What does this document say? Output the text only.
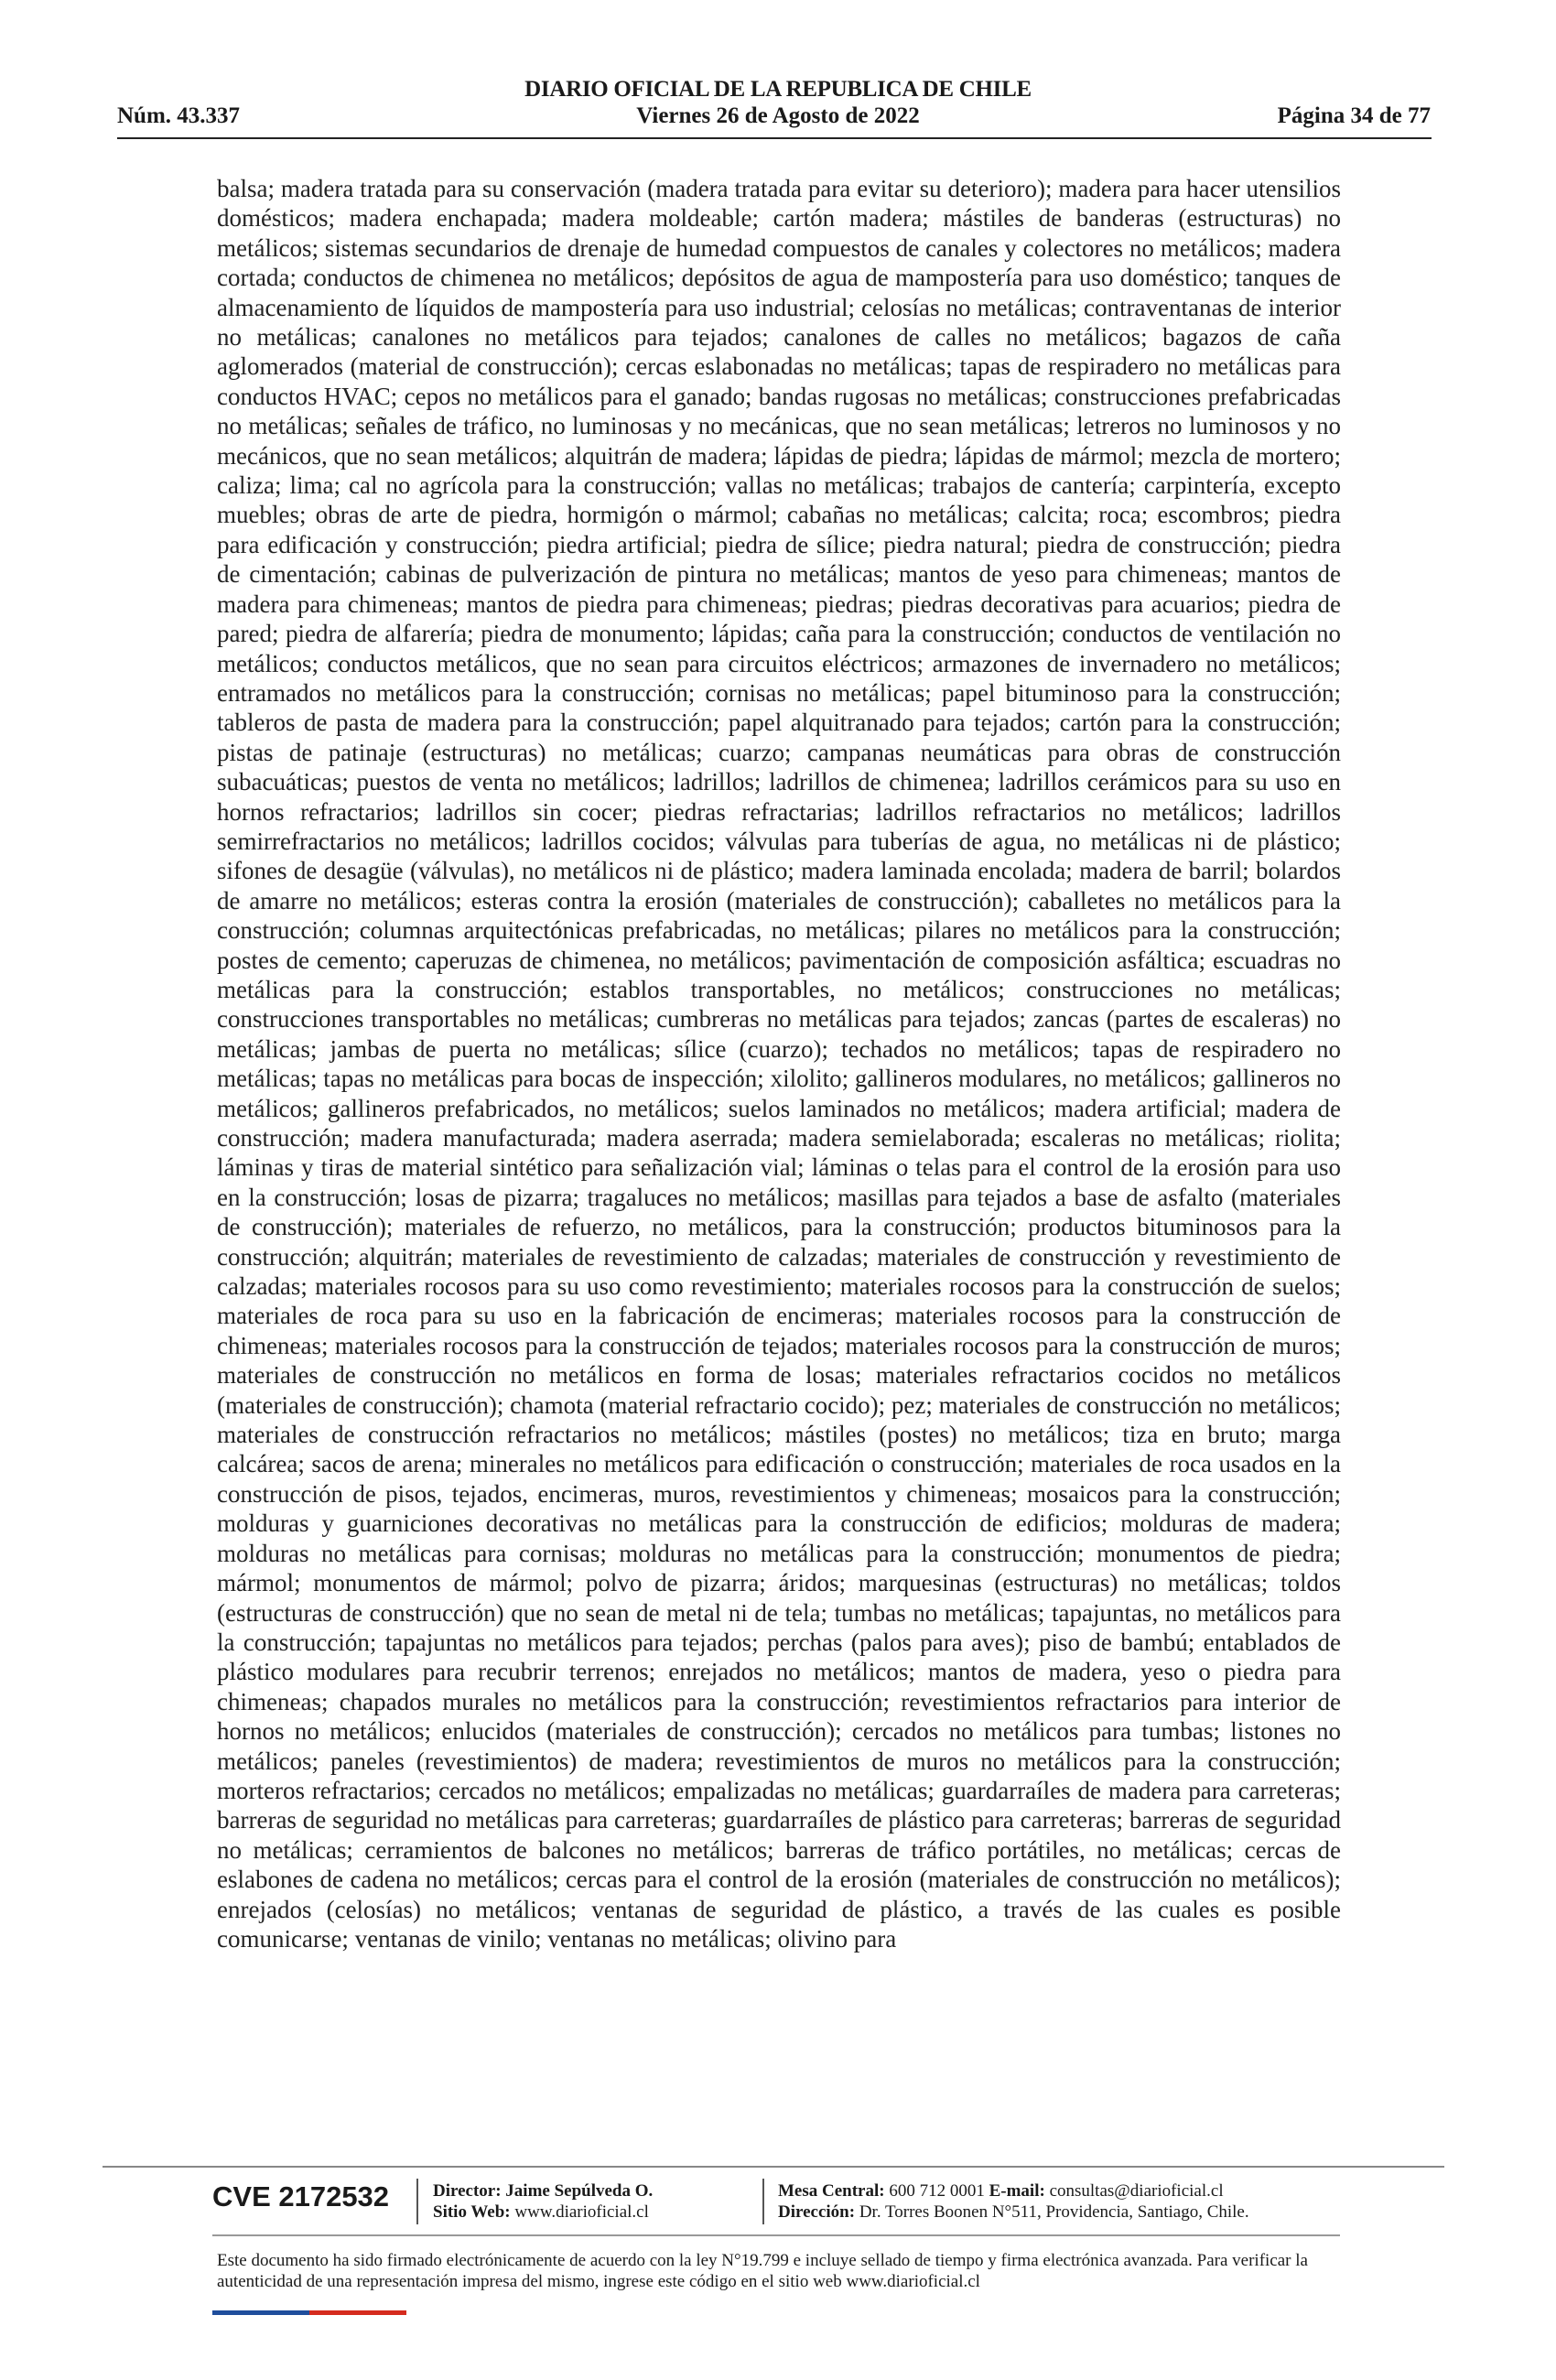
DIARIO OFICIAL DE LA REPUBLICA DE CHILE
Núm. 43.337	Viernes 26 de Agosto de 2022	Página 34 de 77

balsa; madera tratada para su conservación (madera tratada para evitar su deterioro); madera para hacer utensilios domésticos; madera enchapada; madera moldeable; cartón madera; mástiles de banderas (estructuras) no metálicos; sistemas secundarios de drenaje de humedad compuestos de canales y colectores no metálicos; madera cortada; conductos de chimenea no metálicos; depósitos de agua de mampostería para uso doméstico; tanques de almacenamiento de líquidos de mampostería para uso industrial; celosías no metálicas; contraventanas de interior no metálicas; canalones no metálicos para tejados; canalones de calles no metálicos; bagazos de caña aglomerados (material de construcción); cercas eslabonadas no metálicas; tapas de respiradero no metálicas para conductos HVAC; cepos no metálicos para el ganado; bandas rugosas no metálicas; construcciones prefabricadas no metálicas; señales de tráfico, no luminosas y no mecánicas, que no sean metálicas; letreros no luminosos y no mecánicos, que no sean metálicos; alquitrán de madera; lápidas de piedra; lápidas de mármol; mezcla de mortero; caliza; lima; cal no agrícola para la construcción; vallas no metálicas; trabajos de cantería; carpintería, excepto muebles; obras de arte de piedra, hormigón o mármol; cabañas no metálicas; calcita; roca; escombros; piedra para edificación y construcción; piedra artificial; piedra de sílice; piedra natural; piedra de construcción; piedra de cimentación; cabinas de pulverización de pintura no metálicas; mantos de yeso para chimeneas; mantos de madera para chimeneas; mantos de piedra para chimeneas; piedras; piedras decorativas para acuarios; piedra de pared; piedra de alfarería; piedra de monumento; lápidas; caña para la construcción; conductos de ventilación no metálicos; conductos metálicos, que no sean para circuitos eléctricos; armazones de invernadero no metálicos; entramados no metálicos para la construcción; cornisas no metálicas; papel bituminoso para la construcción; tableros de pasta de madera para la construcción; papel alquitranado para tejados; cartón para la construcción; pistas de patinaje (estructuras) no metálicas; cuarzo; campanas neumáticas para obras de construcción subacuáticas; puestos de venta no metálicos; ladrillos; ladrillos de chimenea; ladrillos cerámicos para su uso en hornos refractarios; ladrillos sin cocer; piedras refractarias; ladrillos refractarios no metálicos; ladrillos semirrefractarios no metálicos; ladrillos cocidos; válvulas para tuberías de agua, no metálicas ni de plástico; sifones de desagüe (válvulas), no metálicos ni de plástico; madera laminada encolada; madera de barril; bolardos de amarre no metálicos; esteras contra la erosión (materiales de construcción); caballetes no metálicos para la construcción; columnas arquitectónicas prefabricadas, no metálicas; pilares no metálicos para la construcción; postes de cemento; caperuzas de chimenea, no metálicos; pavimentación de composición asfáltica; escuadras no metálicas para la construcción; establos transportables, no metálicos; construcciones no metálicas; construcciones transportables no metálicas; cumbreras no metálicas para tejados; zancas (partes de escaleras) no metálicas; jambas de puerta no metálicas; sílice (cuarzo); techados no metálicos; tapas de respiradero no metálicas; tapas no metálicas para bocas de inspección; xilolito; gallineros modulares, no metálicos; gallineros no metálicos; gallineros prefabricados, no metálicos; suelos laminados no metálicos; madera artificial; madera de construcción; madera manufacturada; madera aserrada; madera semielaborada; escaleras no metálicas; riolita; láminas y tiras de material sintético para señalización vial; láminas o telas para el control de la erosión para uso en la construcción; losas de pizarra; tragaluces no metálicos; masillas para tejados a base de asfalto (materiales de construcción); materiales de refuerzo, no metálicos, para la construcción; productos bituminosos para la construcción; alquitrán; materiales de revestimiento de calzadas; materiales de construcción y revestimiento de calzadas; materiales rocosos para su uso como revestimiento; materiales rocosos para la construcción de suelos; materiales de roca para su uso en la fabricación de encimeras; materiales rocosos para la construcción de chimeneas; materiales rocosos para la construcción de tejados; materiales rocosos para la construcción de muros; materiales de construcción no metálicos en forma de losas; materiales refractarios cocidos no metálicos (materiales de construcción); chamota (material refractario cocido); pez; materiales de construcción no metálicos; materiales de construcción refractarios no metálicos; mástiles (postes) no metálicos; tiza en bruto; marga calcárea; sacos de arena; minerales no metálicos para edificación o construcción; materiales de roca usados en la construcción de pisos, tejados, encimeras, muros, revestimientos y chimeneas; mosaicos para la construcción; molduras y guarniciones decorativas no metálicas para la construcción de edificios; molduras de madera; molduras no metálicas para cornisas; molduras no metálicas para la construcción; monumentos de piedra; mármol; monumentos de mármol; polvo de pizarra; áridos; marquesinas (estructuras) no metálicas; toldos (estructuras de construcción) que no sean de metal ni de tela; tumbas no metálicas; tapajuntas, no metálicos para la construcción; tapajuntas no metálicos para tejados; perchas (palos para aves); piso de bambú; entablados de plástico modulares para recubrir terrenos; enrejados no metálicos; mantos de madera, yeso o piedra para chimeneas; chapados murales no metálicos para la construcción; revestimientos refractarios para interior de hornos no metálicos; enlucidos (materiales de construcción); cercados no metálicos para tumbas; listones no metálicos; paneles (revestimientos) de madera; revestimientos de muros no metálicos para la construcción; morteros refractarios; cercados no metálicos; empalizadas no metálicas; guardarraíles de madera para carreteras; barreras de seguridad no metálicas para carreteras; guardarraíles de plástico para carreteras; barreras de seguridad no metálicas; cerramientos de balcones no metálicos; barreras de tráfico portátiles, no metálicas; cercas de eslabones de cadena no metálicos; cercas para el control de la erosión (materiales de construcción no metálicos); enrejados (celosías) no metálicos; ventanas de seguridad de plástico, a través de las cuales es posible comunicarse; ventanas de vinilo; ventanas no metálicas; olivino para

CVE 2172532	Director: Jaime Sepúlveda O.
Sitio Web: www.diarioficial.cl
Mesa Central: 600 712 0001 E-mail: consultas@diarioficial.cl
Dirección: Dr. Torres Boonen N°511, Providencia, Santiago, Chile.
Este documento ha sido firmado electrónicamente de acuerdo con la ley N°19.799 e incluye sellado de tiempo y firma electrónica avanzada. Para verificar la autenticidad de una representación impresa del mismo, ingrese este código en el sitio web www.diarioficial.cl
